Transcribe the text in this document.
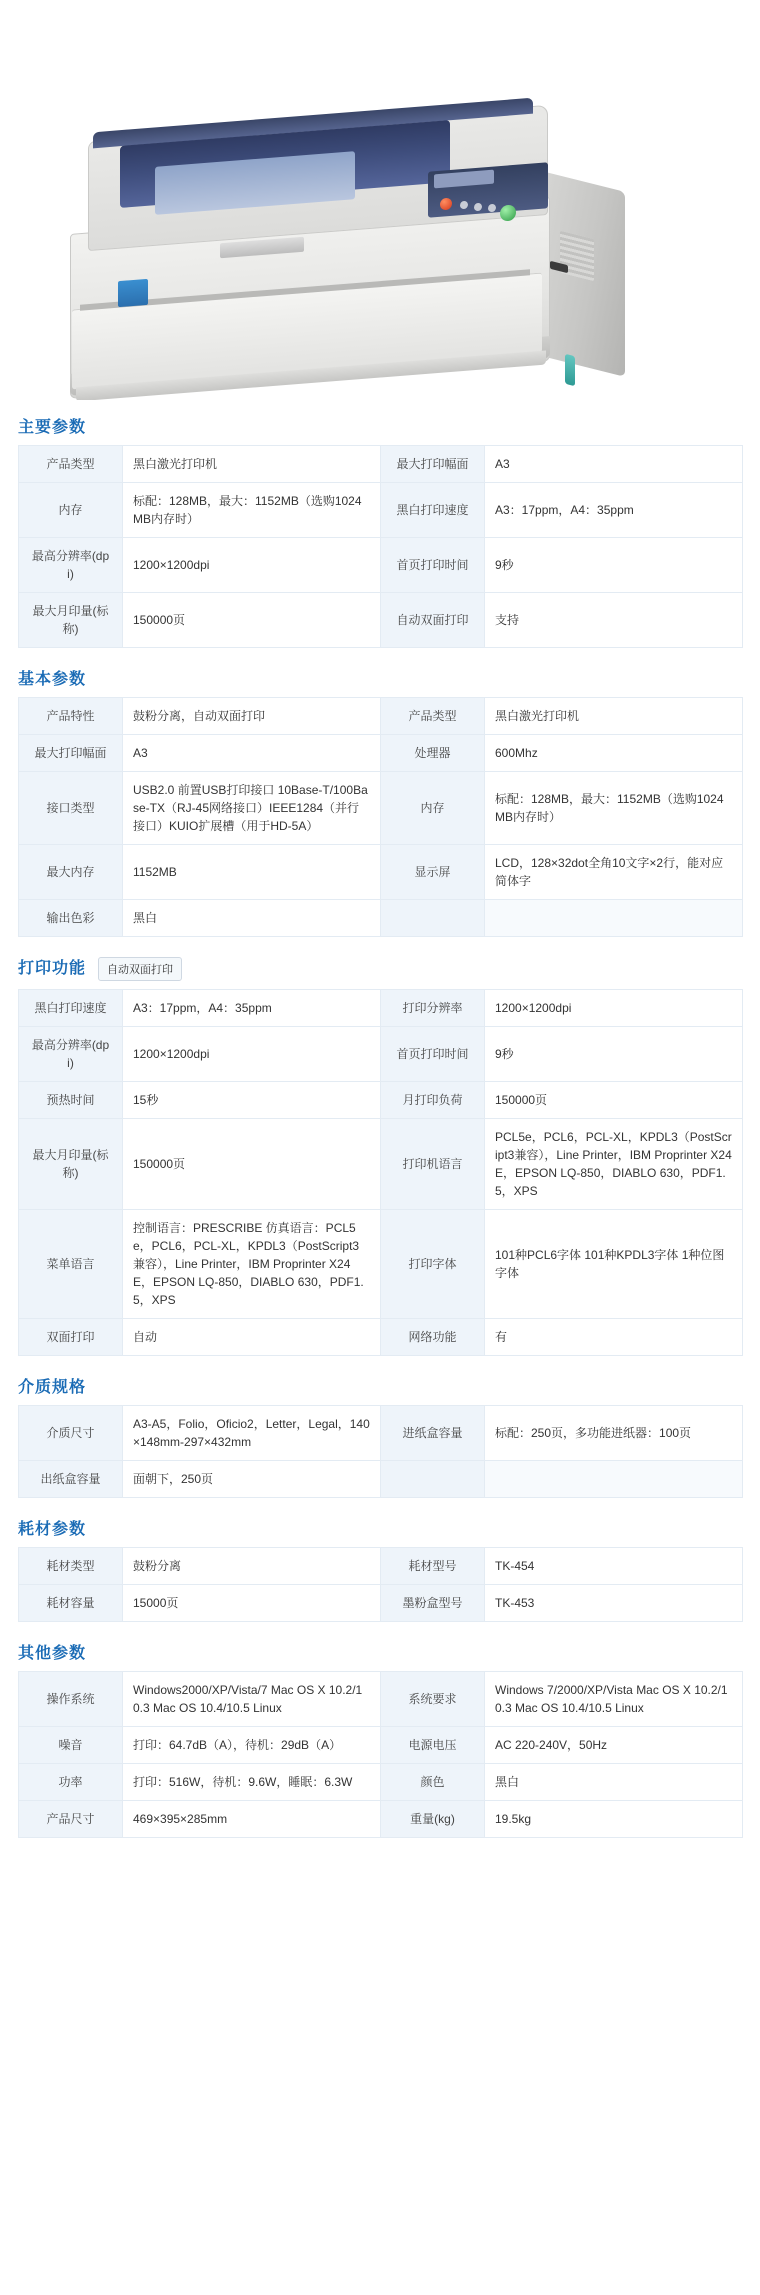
主要参数
产品类型	黑白激光打印机	最大打印幅面	A3
内存	标配：128MB，最大：1152MB（选购1024MB内存时）	黑白打印速度	A3：17ppm，A4：35ppm
最高分辨率(dpi)	1200×1200dpi	首页打印时间	9秒
最大月印量(标称)	150000页	自动双面打印	支持
基本参数
产品特性	鼓粉分离，自动双面打印	产品类型	黑白激光打印机
最大打印幅面	A3	处理器	600Mhz
接口类型	USB2.0 前置USB打印接口 10Base-T/100Base-TX（RJ-45网络接口）IEEE1284（并行接口）KUIO扩展槽（用于HD-5A）	内存	标配：128MB，最大：1152MB（选购1024MB内存时）
最大内存	1152MB	显示屏	LCD，128×32dot全角10文字×2行，能对应简体字
输出色彩	黑白		
打印功能 自动双面打印
黑白打印速度	A3：17ppm，A4：35ppm	打印分辨率	1200×1200dpi
最高分辨率(dpi)	1200×1200dpi	首页打印时间	9秒
预热时间	15秒	月打印负荷	150000页
最大月印量(标称)	150000页	打印机语言	PCL5e，PCL6，PCL-XL，KPDL3（PostScript3兼容），Line Printer，IBM Proprinter X24E，EPSON LQ-850，DIABLO 630，PDF1.5，XPS
菜单语言	控制语言：PRESCRIBE 仿真语言：PCL5e，PCL6，PCL-XL，KPDL3（PostScript3兼容），Line Printer，IBM Proprinter X24E，EPSON LQ-850，DIABLO 630，PDF1.5，XPS	打印字体	101种PCL6字体 101种KPDL3字体 1种位图字体
双面打印	自动	网络功能	有
介质规格
介质尺寸	A3-A5，Folio，Oficio2，Letter，Legal，140×148mm-297×432mm	进纸盒容量	标配：250页，多功能进纸器：100页
出纸盒容量	面朝下，250页		
耗材参数
耗材类型	鼓粉分离	耗材型号	TK-454
耗材容量	15000页	墨粉盒型号	TK-453
其他参数
操作系统	Windows2000/XP/Vista/7 Mac OS X 10.2/10.3 Mac OS 10.4/10.5 Linux	系统要求	Windows 7/2000/XP/Vista Mac OS X 10.2/10.3 Mac OS 10.4/10.5 Linux
噪音	打印：64.7dB（A），待机：29dB（A）	电源电压	AC 220-240V，50Hz
功率	打印：516W，待机：9.6W，睡眠：6.3W	颜色	黑白
产品尺寸	469×395×285mm	重量(kg)	19.5kg
